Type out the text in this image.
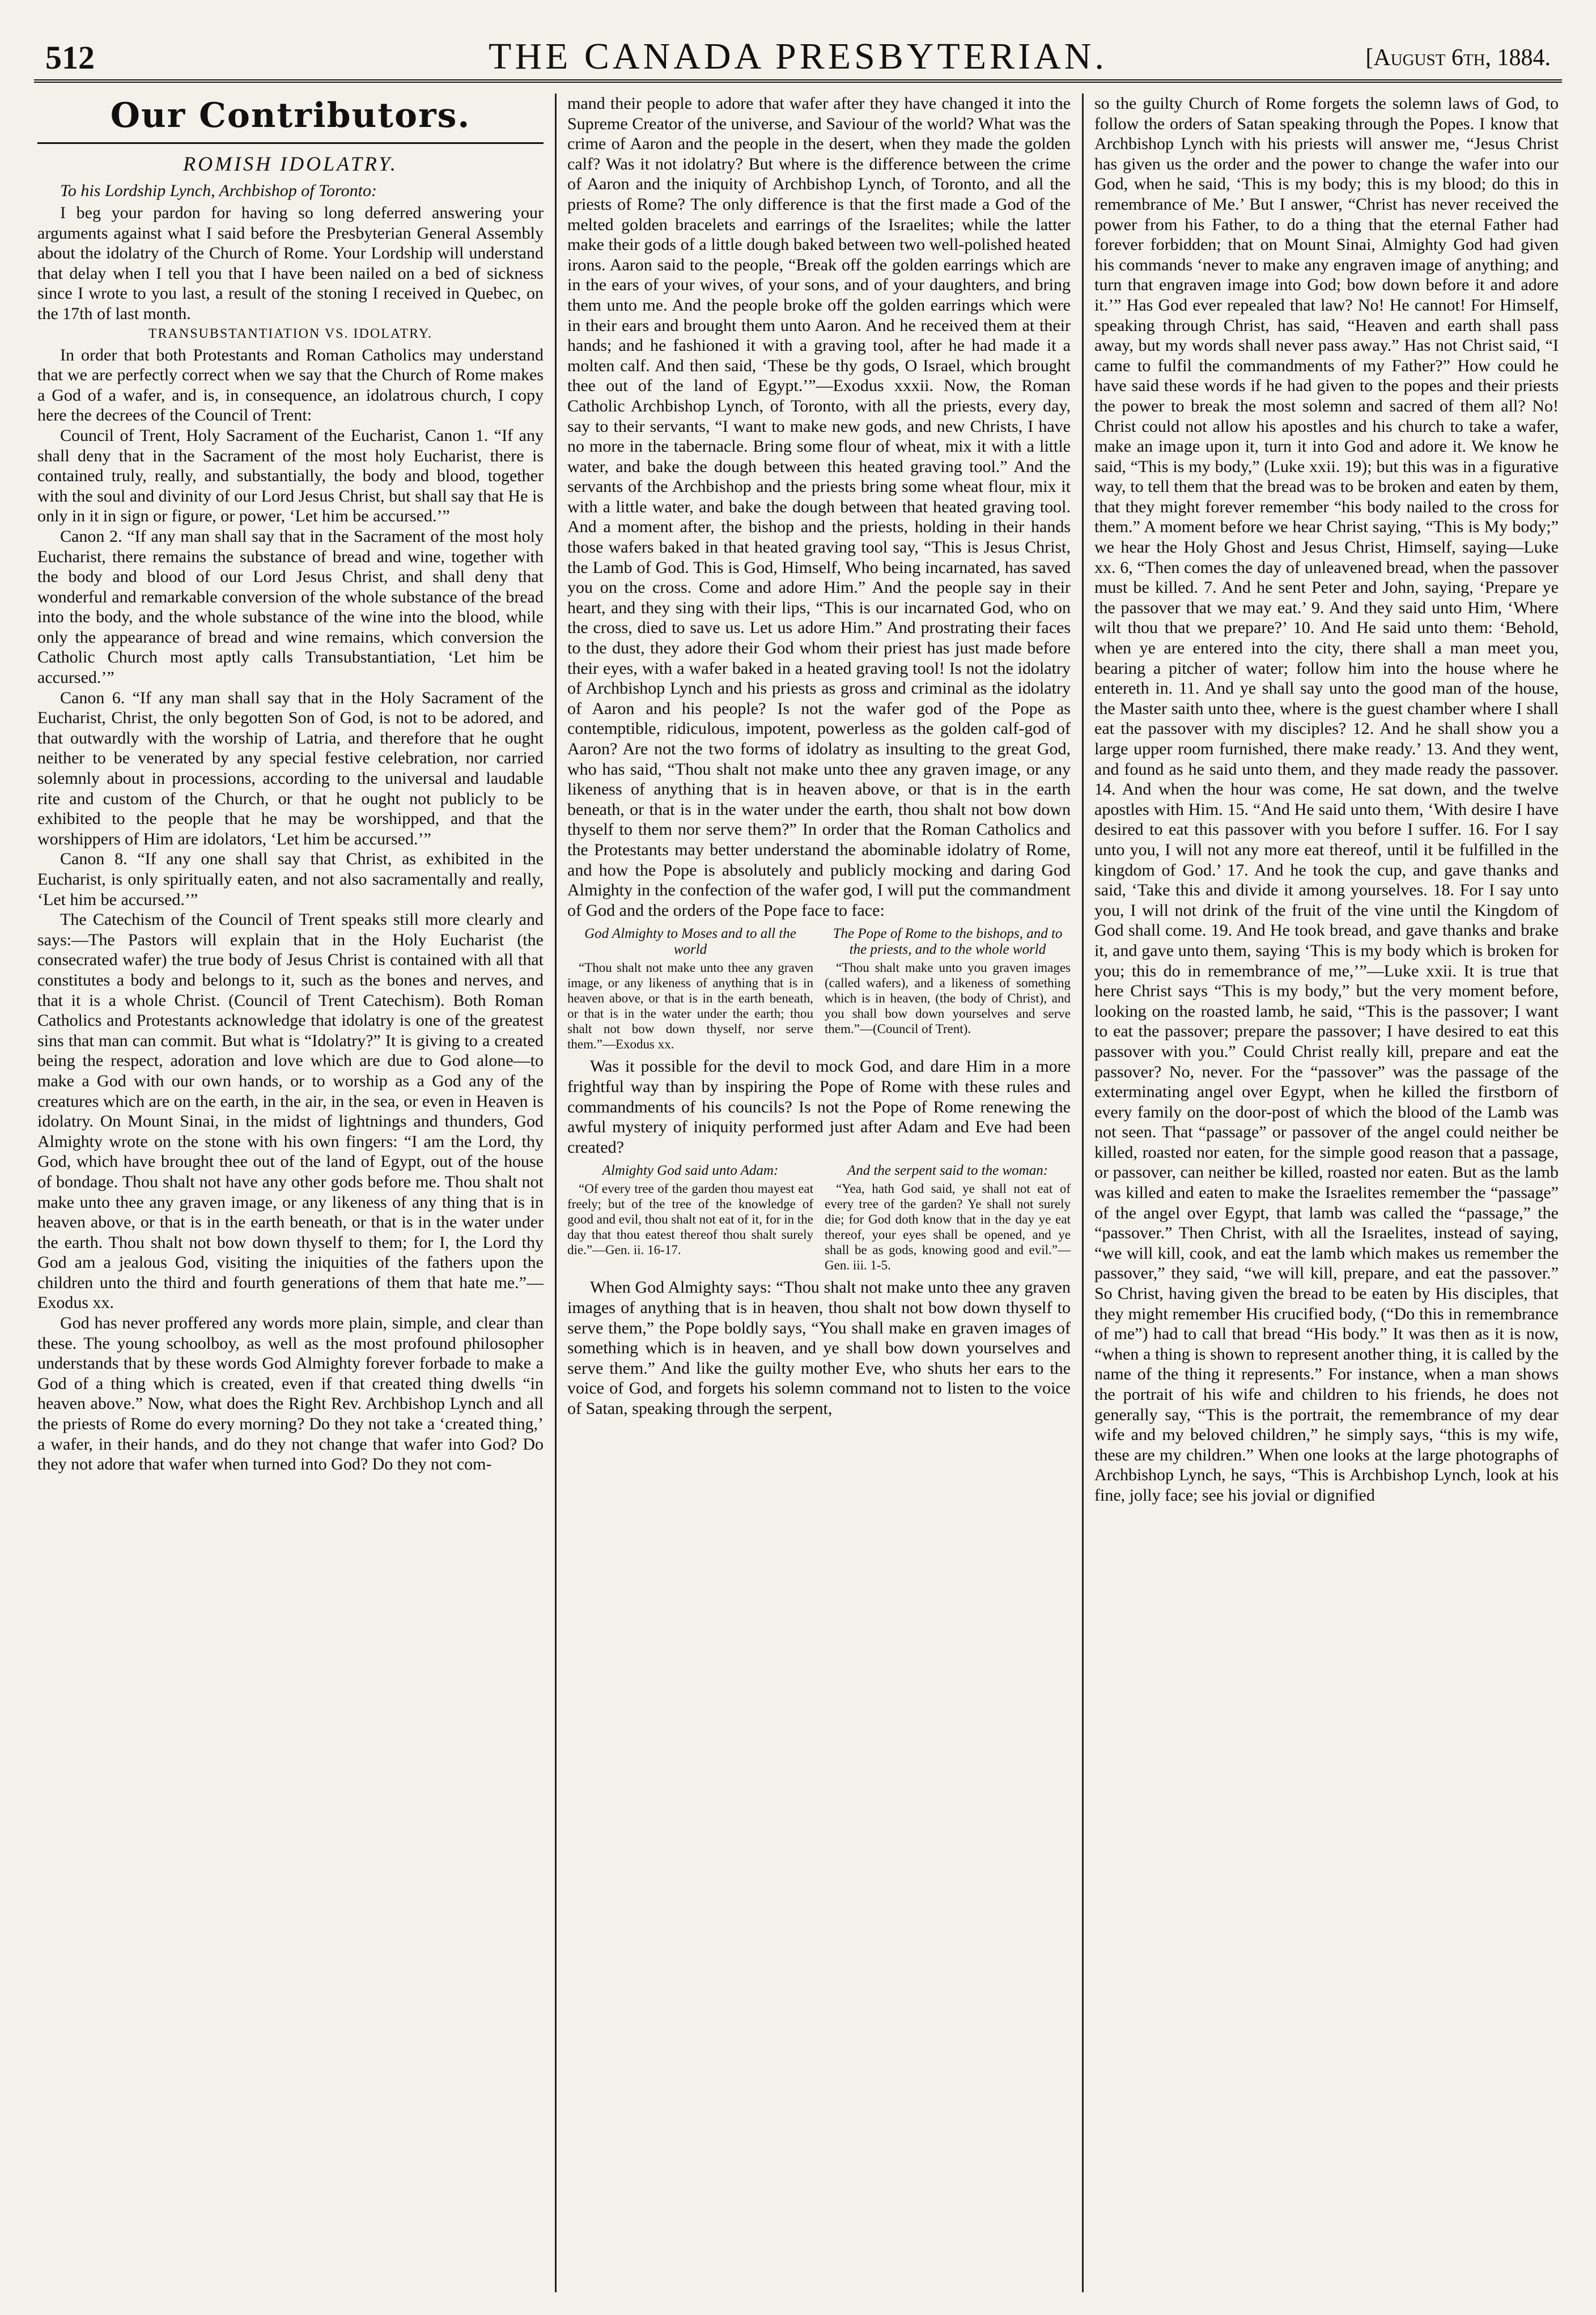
512	THE CANADA PRESBYTERIAN.	[August 6th, 1884.
Our Contributors.
ROMISH IDOLATRY.
To his Lordship Lynch, Archbishop of Toronto:

I beg your pardon for having so long deferred answering your arguments against what I said before the Presbyterian General Assembly about the idolatry of the Church of Rome. Your Lordship will understand that delay when I tell you that I have been nailed on a bed of sickness since I wrote to you last, a result of the stoning I received in Quebec, on the 17th of last month.

TRANSUBSTANTIATION VS. IDOLATRY.

In order that both Protestants and Roman Catholics may understand that we are perfectly correct when we say that the Church of Rome makes a God of a wafer, and is, in consequence, an idolatrous church, I copy here the decrees of the Council of Trent:

Council of Trent, Holy Sacrament of the Eucharist, Canon 1. “If any shall deny that in the Sacrament of the most holy Eucharist, there is contained truly, really, and substantially, the body and blood, together with the soul and divinity of our Lord Jesus Christ, but shall say that He is only in it in sign or figure, or power, ‘Let him be accursed.’”

Canon 2. “If any man shall say that in the Sacrament of the most holy Eucharist, there remains the substance of bread and wine, together with the body and blood of our Lord Jesus Christ, and shall deny that wonderful and remarkable conversion of the whole substance of the bread into the body, and the whole substance of the wine into the blood, while only the appearance of bread and wine remains, which conversion the Catholic Church most aptly calls Transubstantiation, ‘Let him be accursed.’”

Canon 6. “If any man shall say that in the Holy Sacrament of the Eucharist, Christ, the only begotten Son of God, is not to be adored, and that outwardly with the worship of Latria, and therefore that he ought neither to be venerated by any special festive celebration, nor carried solemnly about in processions, according to the universal and laudable rite and custom of the Church, or that he ought not publicly to be exhibited to the people that he may be worshipped, and that the worshippers of Him are idolators, ‘Let him be accursed.’”

Canon 8. “If any one shall say that Christ, as exhibited in the Eucharist, is only spiritually eaten, and not also sacramentally and really, ‘Let him be accursed.’”

The Catechism of the Council of Trent speaks still more clearly and says:—The Pastors will explain that in the Holy Eucharist (the consecrated wafer) the true body of Jesus Christ is contained with all that constitutes a body and belongs to it, such as the bones and nerves, and that it is a whole Christ. (Council of Trent Catechism). Both Roman Catholics and Protestants acknowledge that idolatry is one of the greatest sins that man can commit. But what is “Idolatry?” It is giving to a created being the respect, adoration and love which are due to God alone—to make a God with our own hands, or to worship as a God any of the creatures which are on the earth, in the air, in the sea, or even in Heaven is idolatry. On Mount Sinai, in the midst of lightnings and thunders, God Almighty wrote on the stone with his own fingers: “I am the Lord, thy God, which have brought thee out of the land of Egypt, out of the house of bondage. Thou shalt not have any other gods before me. Thou shalt not make unto thee any graven image, or any likeness of any thing that is in heaven above, or that is in the earth beneath, or that is in the water under the earth. Thou shalt not bow down thyself to them; for I, the Lord thy God am a jealous God, visiting the iniquities of the fathers upon the children unto the third and fourth generations of them that hate me.”—Exodus xx.

God has never proffered any words more plain, simple, and clear than these. The young schoolboy, as well as the most profound philosopher understands that by these words God Almighty forever forbade to make a God of a thing which is created, even if that created thing dwells “in heaven above.” Now, what does the Right Rev. Archbishop Lynch and all the priests of Rome do every morning? Do they not take a ‘created thing,’ a wafer, in their hands, and do they not change that wafer into God? Do they not adore that wafer when turned into God? Do they not com-

mand their people to adore that wafer after they have changed it into the Supreme Creator of the universe, and Saviour of the world? What was the crime of Aaron and the people in the desert, when they made the golden calf? Was it not idolatry? But where is the difference between the crime of Aaron and the iniquity of Archbishop Lynch, of Toronto, and all the priests of Rome? The only difference is that the first made a God of the melted golden bracelets and earrings of the Israelites; while the latter make their gods of a little dough baked between two well-polished heated irons. Aaron said to the people, “Break off the golden earrings which are in the ears of your wives, of your sons, and of your daughters, and bring them unto me. And the people broke off the golden earrings which were in their ears and brought them unto Aaron. And he received them at their hands; and he fashioned it with a graving tool, after he had made it a molten calf. And then said, ‘These be thy gods, O Israel, which brought thee out of the land of Egypt.’”—Exodus xxxii. Now, the Roman Catholic Archbishop Lynch, of Toronto, with all the priests, every day, say to their servants, “I want to make new gods, and new Christs, I have no more in the tabernacle. Bring some flour of wheat, mix it with a little water, and bake the dough between this heated graving tool.” And the servants of the Archbishop and the priests bring some wheat flour, mix it with a little water, and bake the dough between that heated graving tool. And a moment after, the bishop and the priests, holding in their hands those wafers baked in that heated graving tool say, “This is Jesus Christ, the Lamb of God. This is God, Himself, Who being incarnated, has saved you on the cross. Come and adore Him.” And the people say in their heart, and they sing with their lips, “This is our incarnated God, who on the cross, died to save us. Let us adore Him.” And prostrating their faces to the dust, they adore their God whom their priest has just made before their eyes, with a wafer baked in a heated graving tool! Is not the idolatry of Archbishop Lynch and his priests as gross and criminal as the idolatry of Aaron and his people? Is not the wafer god of the Pope as contemptible, ridiculous, impotent, powerless as the golden calf-god of Aaron? Are not the two forms of idolatry as insulting to the great God, who has said, “Thou shalt not make unto thee any graven image, or any likeness of anything that is in heaven above, or that is in the earth beneath, or that is in the water under the earth, thou shalt not bow down thyself to them nor serve them?” In order that the Roman Catholics and the Protestants may better understand the abominable idolatry of Rome, and how the Pope is absolutely and publicly mocking and daring God Almighty in the confection of the wafer god, I will put the commandment of God and the orders of the Pope face to face:

God Almighty to Moses and to all the world
“Thou shalt not make unto thee any graven image, or any likeness of anything that is in heaven above, or that is in the earth beneath, or that is in the water under the earth; thou shalt not bow down thyself, nor serve them.”—Exodus xx.
The Pope of Rome to the bishops, and to the priests, and to the whole world
“Thou shalt make unto you graven images (called wafers), and a likeness of something which is in heaven, (the body of Christ), and you shall bow down yourselves and serve them.”—(Council of Trent).

Was it possible for the devil to mock God, and dare Him in a more frightful way than by inspiring the Pope of Rome with these rules and commandments of his councils? Is not the Pope of Rome renewing the awful mystery of iniquity performed just after Adam and Eve had been created?

Almighty God said unto Adam:
“Of every tree of the garden thou mayest eat freely; but of the tree of the knowledge of good and evil, thou shalt not eat of it, for in the day that thou eatest thereof thou shalt surely die.”—Gen. ii. 16-17.
And the serpent said to the woman:
“Yea, hath God said, ye shall not eat of every tree of the garden? Ye shall not surely die; for God doth know that in the day ye eat thereof, your eyes shall be opened, and ye shall be as gods, knowing good and evil.”—Gen. iii. 1-5.

When God Almighty says: “Thou shalt not make unto thee any graven images of anything that is in heaven, thou shalt not bow down thyself to serve them,” the Pope boldly says, “You shall make en graven images of something which is in heaven, and ye shall bow down yourselves and serve them.” And like the guilty mother Eve, who shuts her ears to the voice of God, and forgets his solemn command not to listen to the voice of Satan, speaking through the serpent,

so the guilty Church of Rome forgets the solemn laws of God, to follow the orders of Satan speaking through the Popes. I know that Archbishop Lynch with his priests will answer me, “Jesus Christ has given us the order and the power to change the wafer into our God, when he said, ‘This is my body; this is my blood; do this in remembrance of Me.’ But I answer, “Christ has never received the power from his Father, to do a thing that the eternal Father had forever forbidden; that on Mount Sinai, Almighty God had given his commands ‘never to make any engraven image of anything; and turn that engraven image into God; bow down before it and adore it.’” Has God ever repealed that law? No! He cannot! For Himself, speaking through Christ, has said, “Heaven and earth shall pass away, but my words shall never pass away.” Has not Christ said, “I came to fulfil the commandments of my Father?” How could he have said these words if he had given to the popes and their priests the power to break the most solemn and sacred of them all? No! Christ could not allow his apostles and his church to take a wafer, make an image upon it, turn it into God and adore it. We know he said, “This is my body,” (Luke xxii. 19); but this was in a figurative way, to tell them that the bread was to be broken and eaten by them, that they might forever remember “his body nailed to the cross for them.” A moment before we hear Christ saying, “This is My body;” we hear the Holy Ghost and Jesus Christ, Himself, saying—Luke xx. 6, “Then comes the day of unleavened bread, when the passover must be killed. 7. And he sent Peter and John, saying, ‘Prepare ye the passover that we may eat.’ 9. And they said unto Him, ‘Where wilt thou that we prepare?’ 10. And He said unto them: ‘Behold, when ye are entered into the city, there shall a man meet you, bearing a pitcher of water; follow him into the house where he entereth in. 11. And ye shall say unto the good man of the house, the Master saith unto thee, where is the guest chamber where I shall eat the passover with my disciples? 12. And he shall show you a large upper room furnished, there make ready.’ 13. And they went, and found as he said unto them, and they made ready the passover. 14. And when the hour was come, He sat down, and the twelve apostles with Him. 15. “And He said unto them, ‘With desire I have desired to eat this passover with you before I suffer. 16. For I say unto you, I will not any more eat thereof, until it be fulfilled in the kingdom of God.’ 17. And he took the cup, and gave thanks and said, ‘Take this and divide it among yourselves. 18. For I say unto you, I will not drink of the fruit of the vine until the Kingdom of God shall come. 19. And He took bread, and gave thanks and brake it, and gave unto them, saying ‘This is my body which is broken for you; this do in remembrance of me,’”—Luke xxii. It is true that here Christ says “This is my body,” but the very moment before, looking on the roasted lamb, he said, “This is the passover; I want to eat the passover; prepare the passover; I have desired to eat this passover with you.” Could Christ really kill, prepare and eat the passover? No, never. For the “passover” was the passage of the exterminating angel over Egypt, when he killed the firstborn of every family on the door-post of which the blood of the Lamb was not seen. That “passage” or passover of the angel could neither be killed, roasted nor eaten, for the simple good reason that a passage, or passover, can neither be killed, roasted nor eaten. But as the lamb was killed and eaten to make the Israelites remember the “passage” of the angel over Egypt, that lamb was called the “passage,” the “passover.” Then Christ, with all the Israelites, instead of saying, “we will kill, cook, and eat the lamb which makes us remember the passover,” they said, “we will kill, prepare, and eat the passover.” So Christ, having given the bread to be eaten by His disciples, that they might remember His crucified body, (“Do this in remembrance of me”) had to call that bread “His body.” It was then as it is now, “when a thing is shown to represent another thing, it is called by the name of the thing it represents.” For instance, when a man shows the portrait of his wife and children to his friends, he does not generally say, “This is the portrait, the remembrance of my dear wife and my beloved children,” he simply says, “this is my wife, these are my children.” When one looks at the large photographs of Archbishop Lynch, he says, “This is Archbishop Lynch, look at his fine, jolly face; see his jovial or dignified
